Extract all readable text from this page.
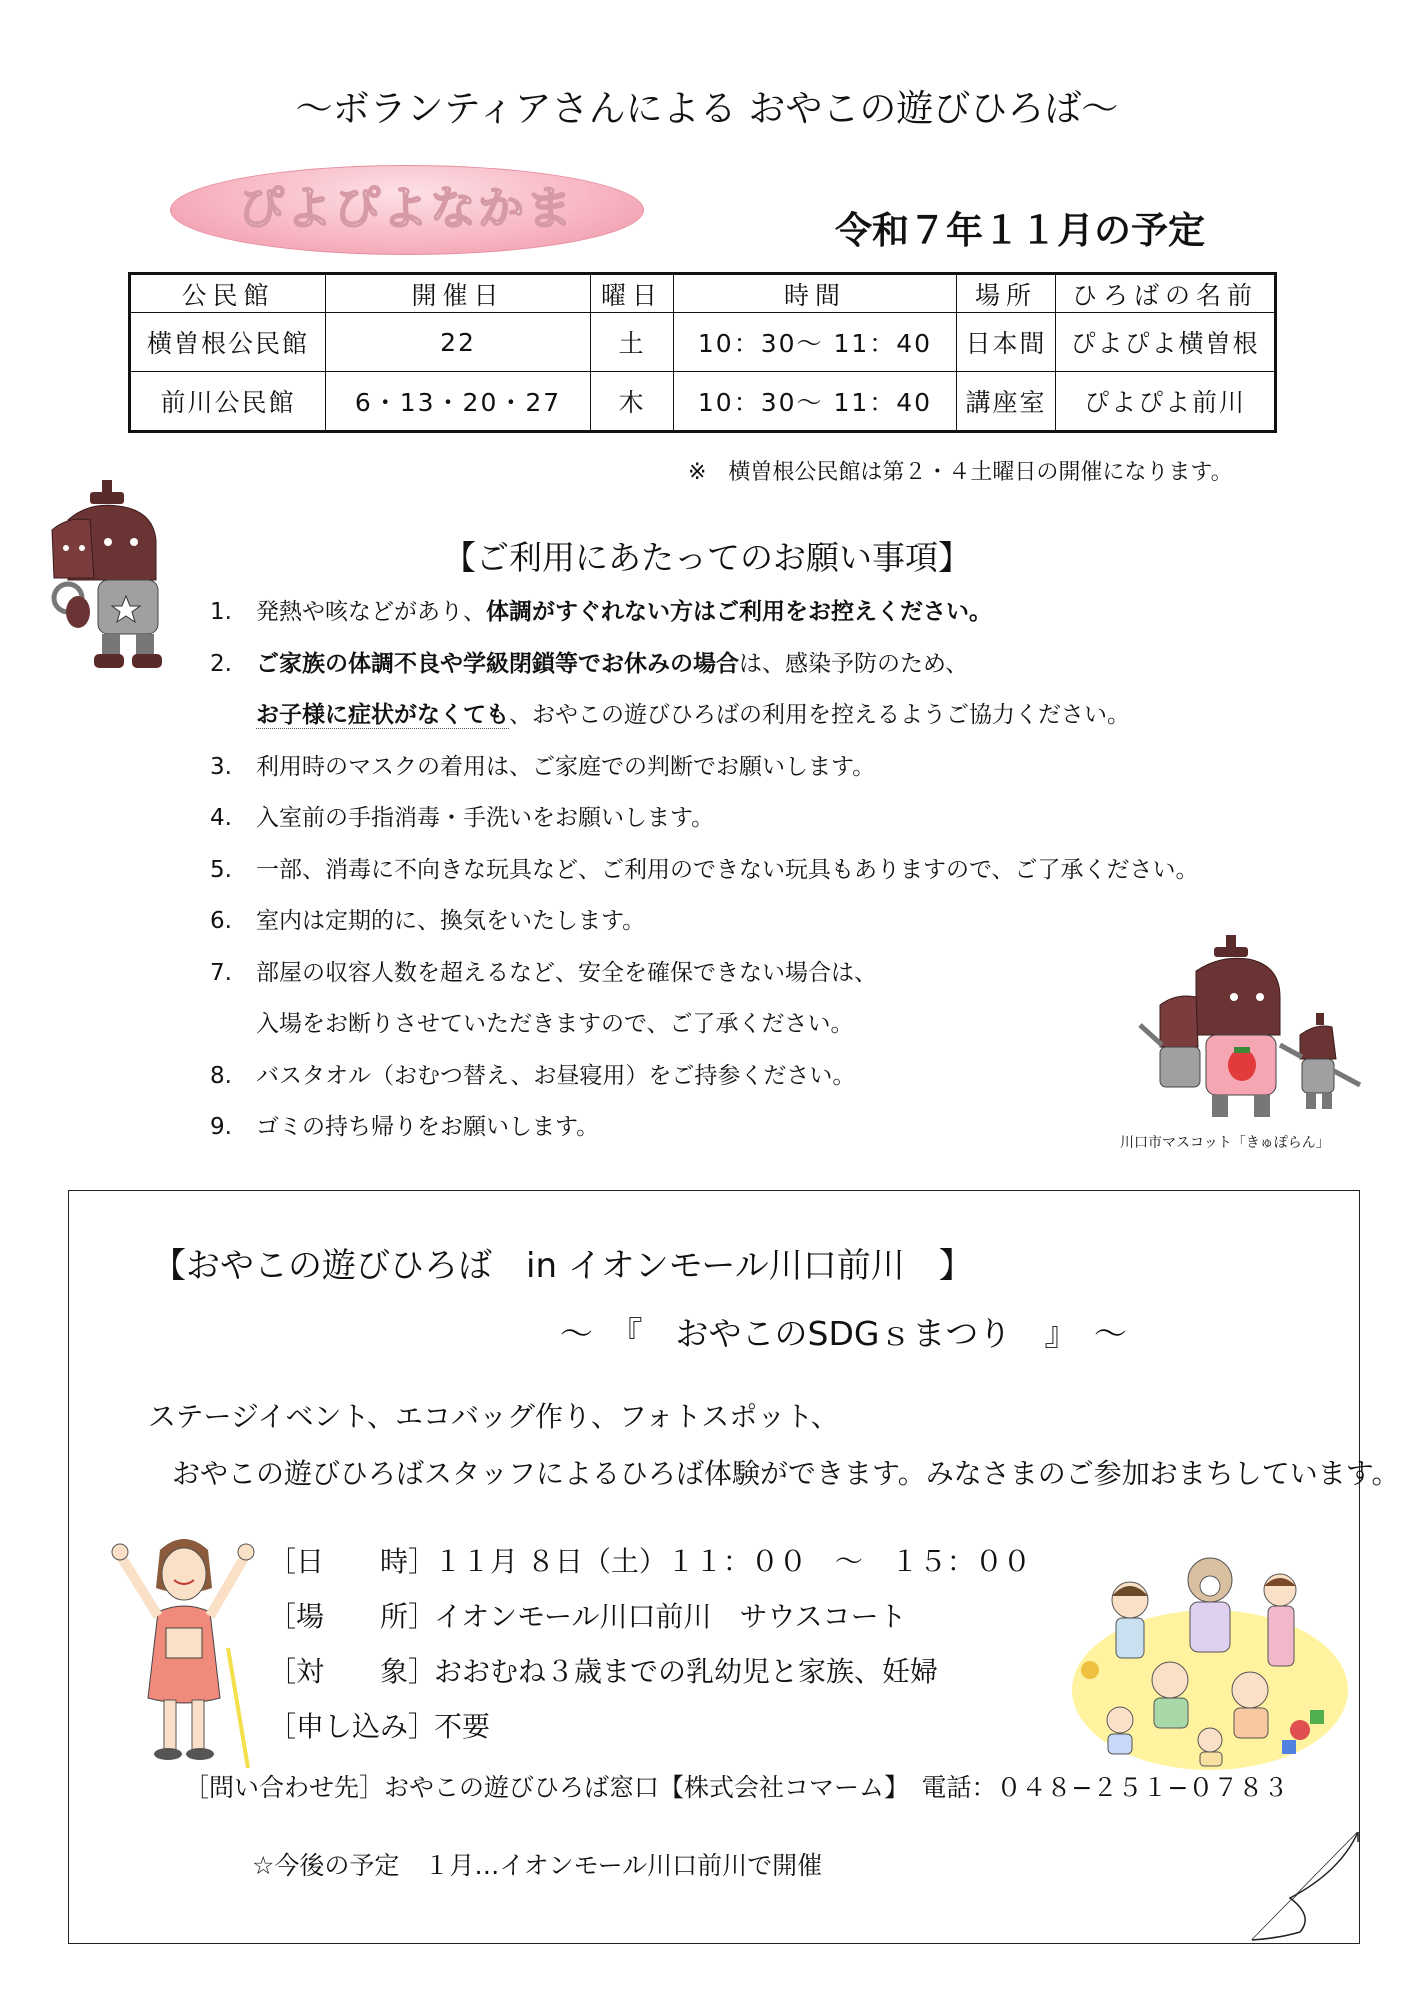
〜ボランティアさんによる おやこの遊びひろば〜
ぴよぴよなかま	令和７年１１月の予定
公民館	開催日	曜日	時間	場所	ひろばの名前
横曽根公民館	22	土	10：30〜 11：40	日本間	ぴよぴよ横曽根
前川公民館	6・13・20・27	木	10：30〜 11：40	講座室	ぴよぴよ前川
※　横曽根公民館は第２・４土曜日の開催になります。
【ご利用にあたってのお願い事項】
1. 発熱や咳などがあり、体調がすぐれない方はご利用をお控えください。
2. ご家族の体調不良や学級閉鎖等でお休みの場合は、感染予防のため、
お子様に症状がなくても、おやこの遊びひろばの利用を控えるようご協力ください。
3. 利用時のマスクの着用は、ご家庭での判断でお願いします。
4. 入室前の手指消毒・手洗いをお願いします。
5. 一部、消毒に不向きな玩具など、ご利用のできない玩具もありますので、ご了承ください。
6. 室内は定期的に、換気をいたします。
7. 部屋の収容人数を超えるなど、安全を確保できない場合は、
入場をお断りさせていただきますので、ご了承ください。
8. バスタオル（おむつ替え、お昼寝用）をご持参ください。
9. ゴミの持ち帰りをお願いします。
川口市マスコット「きゅぽらん」
【おやこの遊びひろば　in イオンモール川口前川　】
〜　『　おやこのSDGｓまつり　』　〜
ステージイベント、エコバッグ作り、フォトスポット、
おやこの遊びひろばスタッフによるひろば体験ができます。みなさまのご参加おまちしています。
［日　　時］１１月 ８日（土）１１：００　〜　１５：００
［場　　所］イオンモール川口前川　サウスコート
［対　　象］おおむね３歳までの乳幼児と家族、妊婦
［申し込み］不要
［問い合わせ先］おやこの遊びひろば窓口【株式会社コマーム】　電話：０４８−２５１−０７８３
☆今後の予定　１月…イオンモール川口前川で開催
